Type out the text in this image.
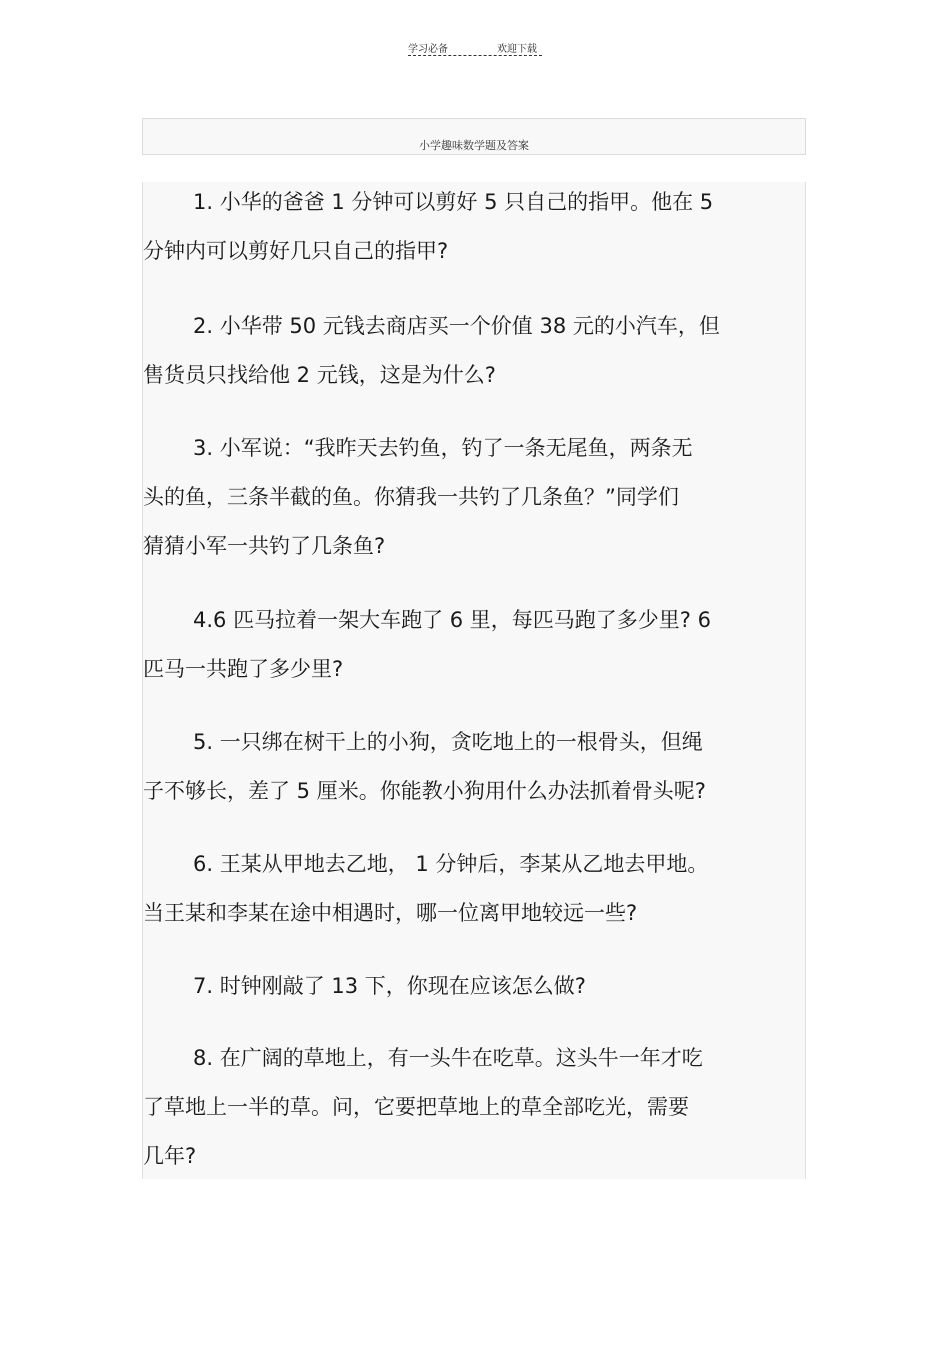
学习必备	欢迎下载
小学趣味数学题及答案
1. 小华的爸爸 1 分钟可以剪好 5 只自己的指甲。他在 5
分钟内可以剪好几只自己的指甲?
2. 小华带 50 元钱去商店买一个价值 38 元的小汽车，但
售货员只找给他 2 元钱，这是为什么?
3. 小军说：“我昨天去钓鱼，钓了一条无尾鱼，两条无
头的鱼，三条半截的鱼。你猜我一共钓了几条鱼？”同学们
猜猜小军一共钓了几条鱼?
4.6 匹马拉着一架大车跑了 6 里，每匹马跑了多少里? 6
匹马一共跑了多少里?
5. 一只绑在树干上的小狗，贪吃地上的一根骨头，但绳
子不够长，差了 5 厘米。你能教小狗用什么办法抓着骨头呢?
6. 王某从甲地去乙地， 1 分钟后，李某从乙地去甲地。
当王某和李某在途中相遇时，哪一位离甲地较远一些?
7. 时钟刚敲了 13 下，你现在应该怎么做?
8. 在广阔的草地上，有一头牛在吃草。这头牛一年才吃
了草地上一半的草。问，它要把草地上的草全部吃光，需要
几年?
